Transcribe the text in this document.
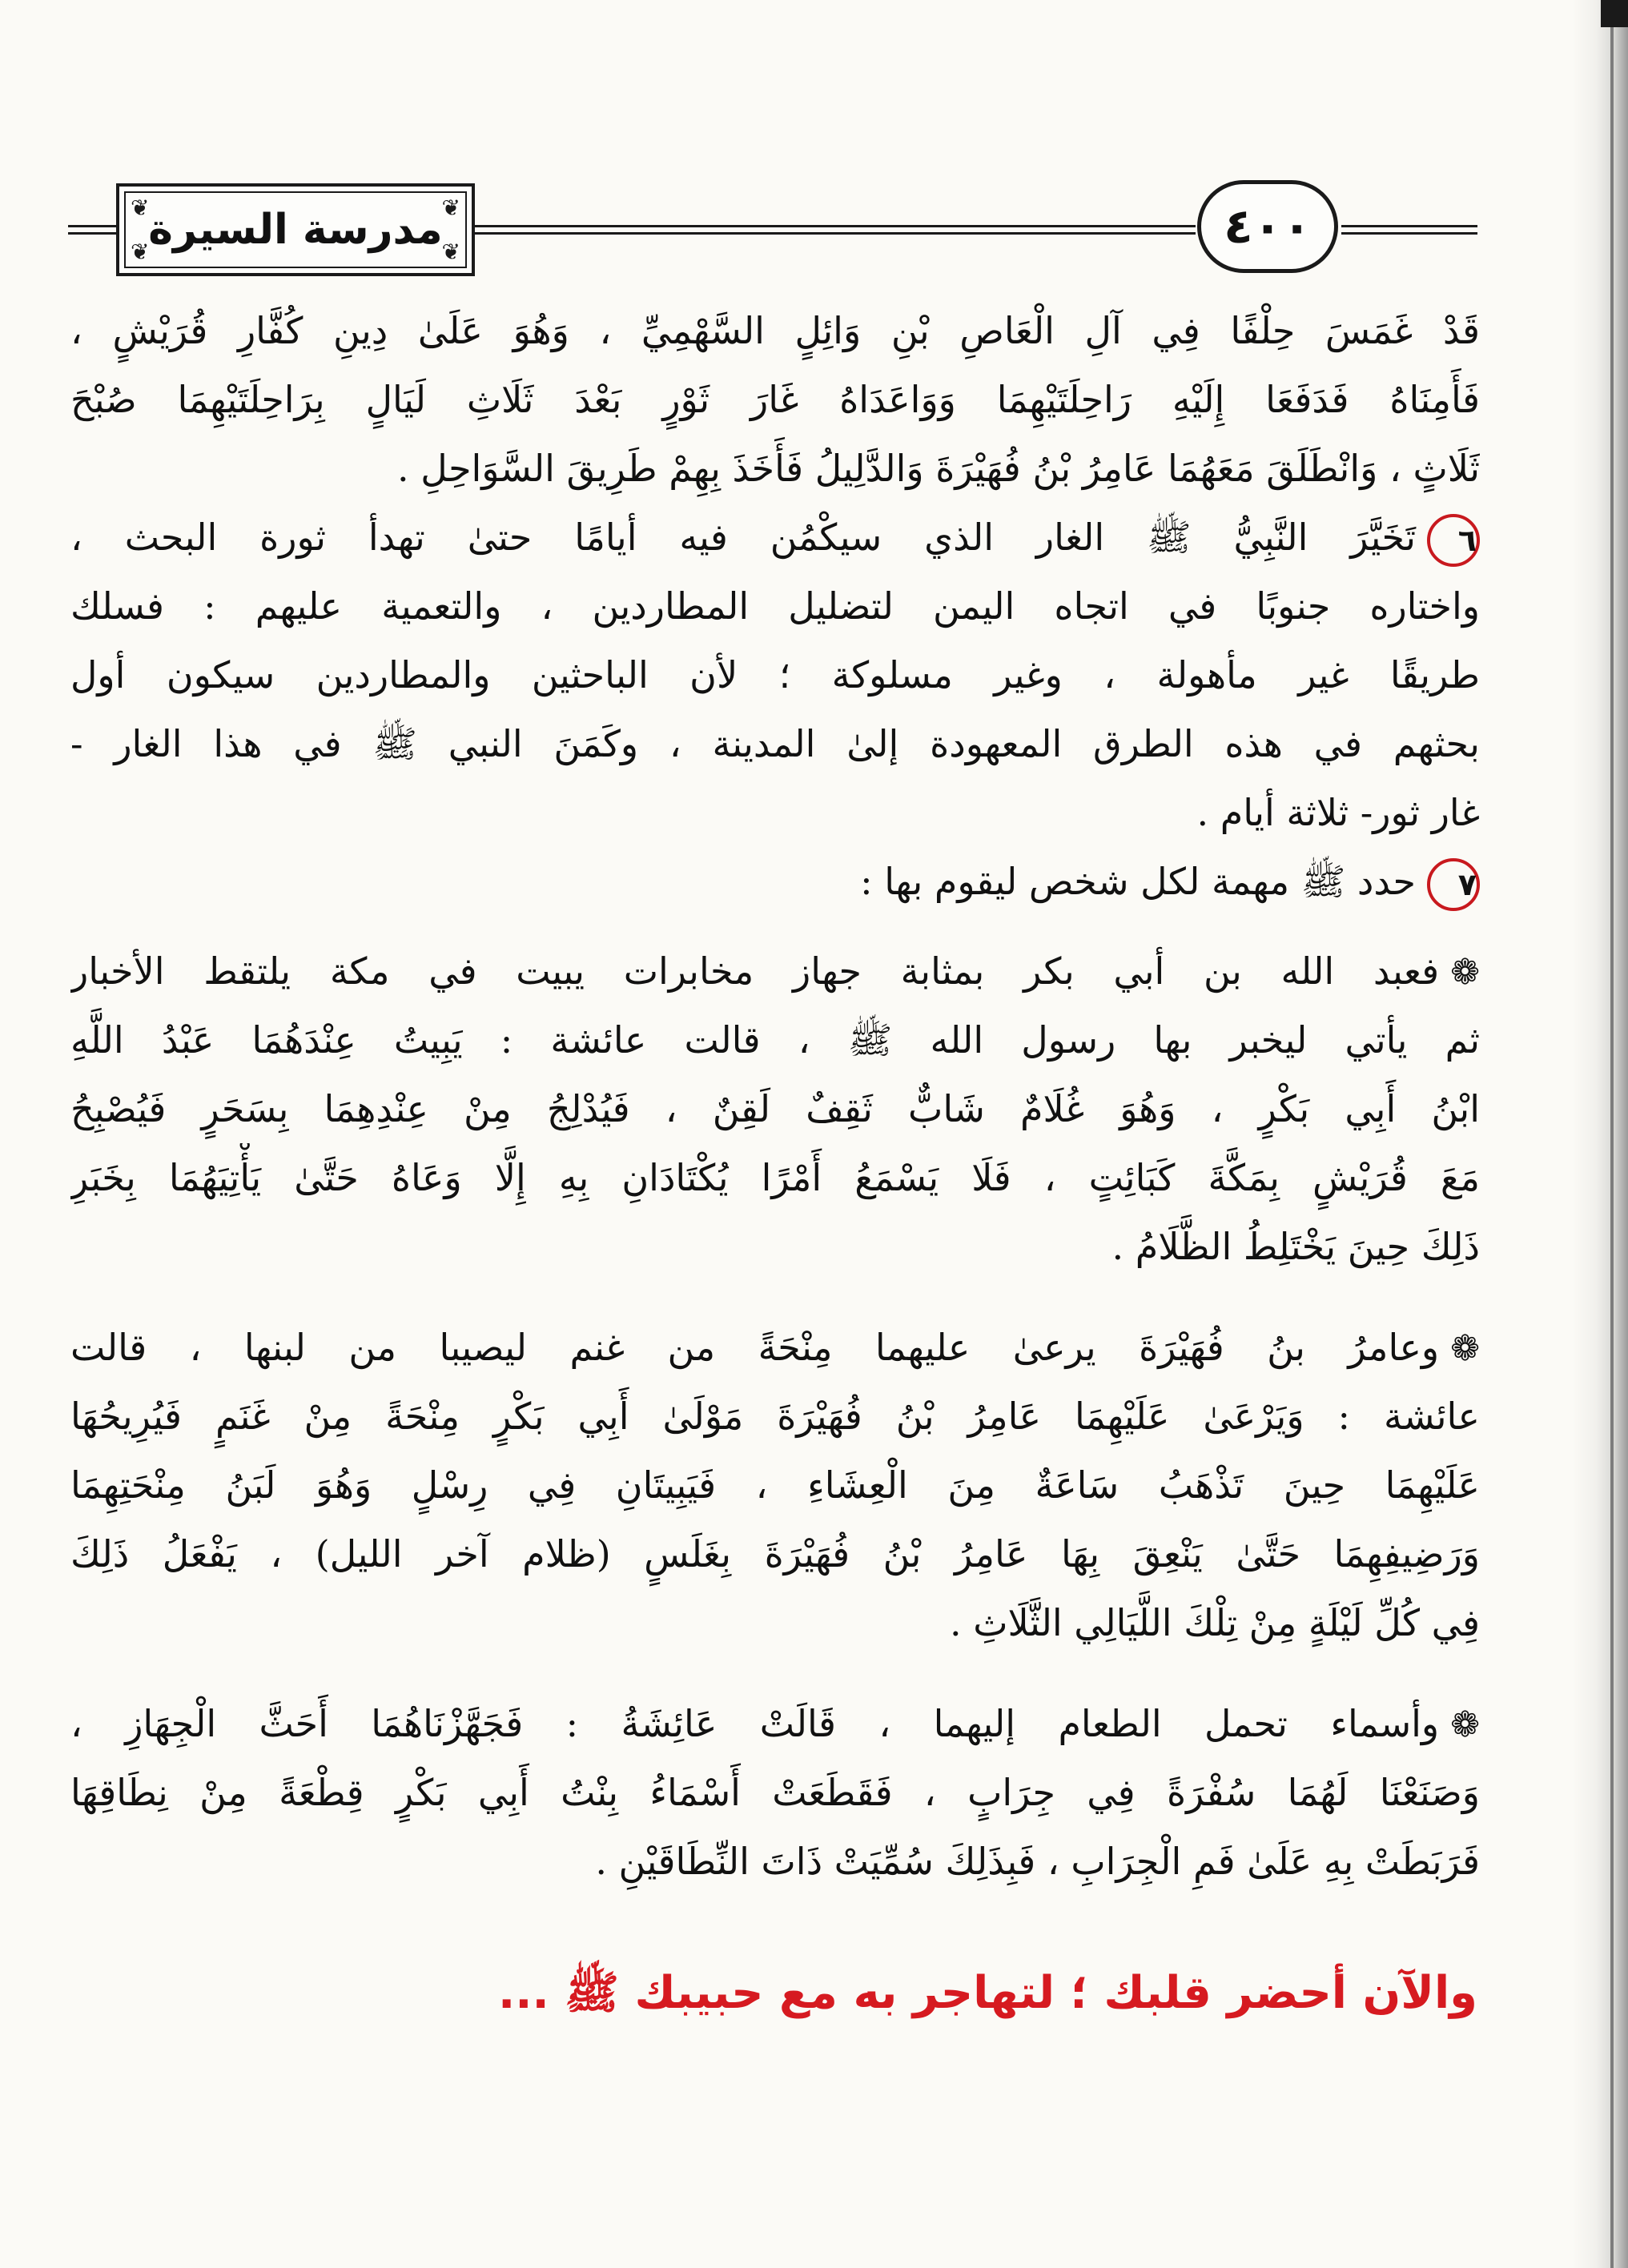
❦	❦
❦	❦
مدرسة السيرة	٤٠٠
قَدْ غَمَسَ حِلْفًا فِي آلِ الْعَاصِ بْنِ وَائِلٍ السَّهْمِيِّ ، وَهُوَ عَلَىٰ دِينِ كُفَّارِ قُرَيْشٍ ،
فَأَمِنَاهُ فَدَفَعَا إِلَيْهِ رَاحِلَتَيْهِمَا وَوَاعَدَاهُ غَارَ ثَوْرٍ بَعْدَ ثَلَاثِ لَيَالٍ بِرَاحِلَتَيْهِمَا صُبْحَ
ثَلَاثٍ ، وَانْطَلَقَ مَعَهُمَا عَامِرُ بْنُ فُهَيْرَةَ وَالدَّلِيلُ فَأَخَذَ بِهِمْ طَرِيقَ السَّوَاحِلِ .
٦تَخَيَّرَ النَّبِيُّ ﷺ الغار الذي سيكْمُن فيه أيامًا حتىٰ تهدأ ثورة البحث ،
واختاره جنوبًا في اتجاه اليمن لتضليل المطاردين ، والتعمية عليهم : فسلك
طريقًا غير مأهولة ، وغير مسلوكة ؛ لأن الباحثين والمطاردين سيكون أول
بحثهم في هذه الطرق المعهودة إلىٰ المدينة ، وكَمَنَ النبي ﷺ في هذا الغار -
غار ثور- ثلاثة أيام .
٧حدد ﷺ مهمة لكل شخص ليقوم بها :
❁فعبد الله بن أبي بكر بمثابة جهاز مخابرات يبيت في مكة يلتقط الأخبار
ثم يأتي ليخبر بها رسول الله ﷺ ، قالت عائشة : يَبِيتُ عِنْدَهُمَا عَبْدُ اللَّهِ
ابْنُ أَبِي بَكْرٍ ، وَهُوَ غُلَامٌ شَابٌّ ثَقِفٌ لَقِنٌ ، فَيُدْلِجُ مِنْ عِنْدِهِمَا بِسَحَرٍ فَيُصْبِحُ
مَعَ قُرَيْشٍ بِمَكَّةَ كَبَائِتٍ ، فَلَا يَسْمَعُ أَمْرًا يُكْتَادَانِ بِهِ إِلَّا وَعَاهُ حَتَّىٰ يَأْتِيَهُمَا بِخَبَرِ
ذَلِكَ حِينَ يَخْتَلِطُ الظَّلَامُ .
❁وعامرُ بنُ فُهَيْرَةَ يرعىٰ عليهما مِنْحَةً من غنم ليصيبا من لبنها ، قالت
عائشة : وَيَرْعَىٰ عَلَيْهِمَا عَامِرُ بْنُ فُهَيْرَةَ مَوْلَىٰ أَبِي بَكْرٍ مِنْحَةً مِنْ غَنَمٍ فَيُرِيحُهَا
عَلَيْهِمَا حِينَ تَذْهَبُ سَاعَةٌ مِنَ الْعِشَاءِ ، فَيَبِيتَانِ فِي رِسْلٍ وَهُوَ لَبَنُ مِنْحَتِهِمَا
وَرَضِيفِهِمَا حَتَّىٰ يَنْعِقَ بِهَا عَامِرُ بْنُ فُهَيْرَةَ بِغَلَسٍ (ظلام آخر الليل) ، يَفْعَلُ ذَلِكَ
فِي كُلِّ لَيْلَةٍ مِنْ تِلْكَ اللَّيَالِي الثَّلَاثِ .
❁وأسماء تحمل الطعام إليهما ، قَالَتْ عَائِشَةُ : فَجَهَّزْنَاهُمَا أَحَثَّ الْجِهَازِ ،
وَصَنَعْنَا لَهُمَا سُفْرَةً فِي جِرَابٍ ، فَقَطَعَتْ أَسْمَاءُ بِنْتُ أَبِي بَكْرٍ قِطْعَةً مِنْ نِطَاقِهَا
فَرَبَطَتْ بِهِ عَلَىٰ فَمِ الْجِرَابِ ، فَبِذَلِكَ سُمِّيَتْ ذَاتَ النِّطَاقَيْنِ .
والآن أحضر قلبك ؛ لتهاجر به مع حبيبك ﷺ ...
